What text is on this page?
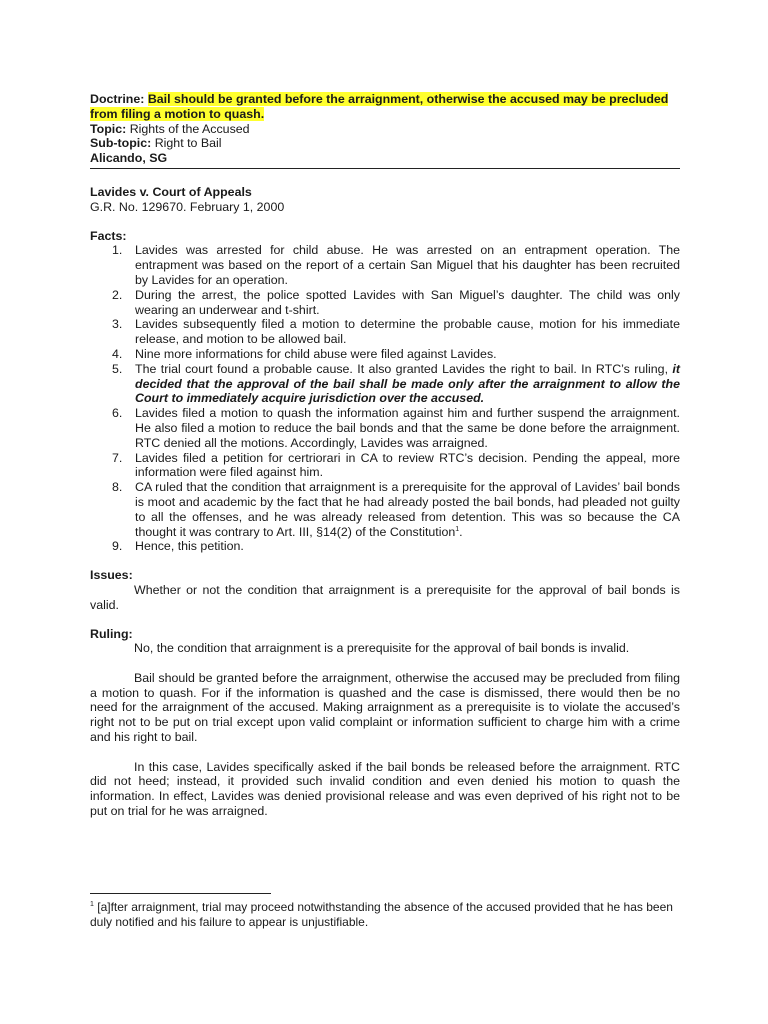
Doctrine: Bail should be granted before the arraignment, otherwise the accused may be precluded from filing a motion to quash.

Topic: Rights of the Accused

Sub-topic: Right to Bail

Alicando, SG

Lavides v. Court of Appeals

G.R. No. 129670. February 1, 2000

Facts:

1. Lavides was arrested for child abuse. He was arrested on an entrapment operation. The entrapment was based on the report of a certain San Miguel that his daughter has been recruited by Lavides for an operation.
2. During the arrest, the police spotted Lavides with San Miguel’s daughter. The child was only wearing an underwear and t-shirt.
3. Lavides subsequently filed a motion to determine the probable cause, motion for his immediate release, and motion to be allowed bail.
4. Nine more informations for child abuse were filed against Lavides.
5. The trial court found a probable cause. It also granted Lavides the right to bail. In RTC’s ruling, it decided that the approval of the bail shall be made only after the arraignment to allow the Court to immediately acquire jurisdiction over the accused.
6. Lavides filed a motion to quash the information against him and further suspend the arraignment. He also filed a motion to reduce the bail bonds and that the same be done before the arraignment. RTC denied all the motions. Accordingly, Lavides was arraigned.
7. Lavides filed a petition for certriorari in CA to review RTC’s decision. Pending the appeal, more information were filed against him.
8. CA ruled that the condition that arraignment is a prerequisite for the approval of Lavides’ bail bonds is moot and academic by the fact that he had already posted the bail bonds, had pleaded not guilty to all the offenses, and he was already released from detention. This was so because the CA thought it was contrary to Art. III, §14(2) of the Constitution$^1$.
9. Hence, this petition.

Issues:

Whether or not the condition that arraignment is a prerequisite for the approval of bail bonds is valid.

Ruling:

No, the condition that arraignment is a prerequisite for the approval of bail bonds is invalid.

Bail should be granted before the arraignment, otherwise the accused may be precluded from filing a motion to quash. For if the information is quashed and the case is dismissed, there would then be no need for the arraignment of the accused. Making arraignment as a prerequisite is to violate the accused’s right not to be put on trial except upon valid complaint or information sufficient to charge him with a crime and his right to bail.

In this case, Lavides specifically asked if the bail bonds be released before the arraignment. RTC did not heed; instead, it provided such invalid condition and even denied his motion to quash the information. In effect, Lavides was denied provisional release and was even deprived of his right not to be put on trial for he was arraigned.

$^1$ [a]fter arraignment, trial may proceed notwithstanding the absence of the accused provided that he has been duly notified and his failure to appear is unjustifiable.
